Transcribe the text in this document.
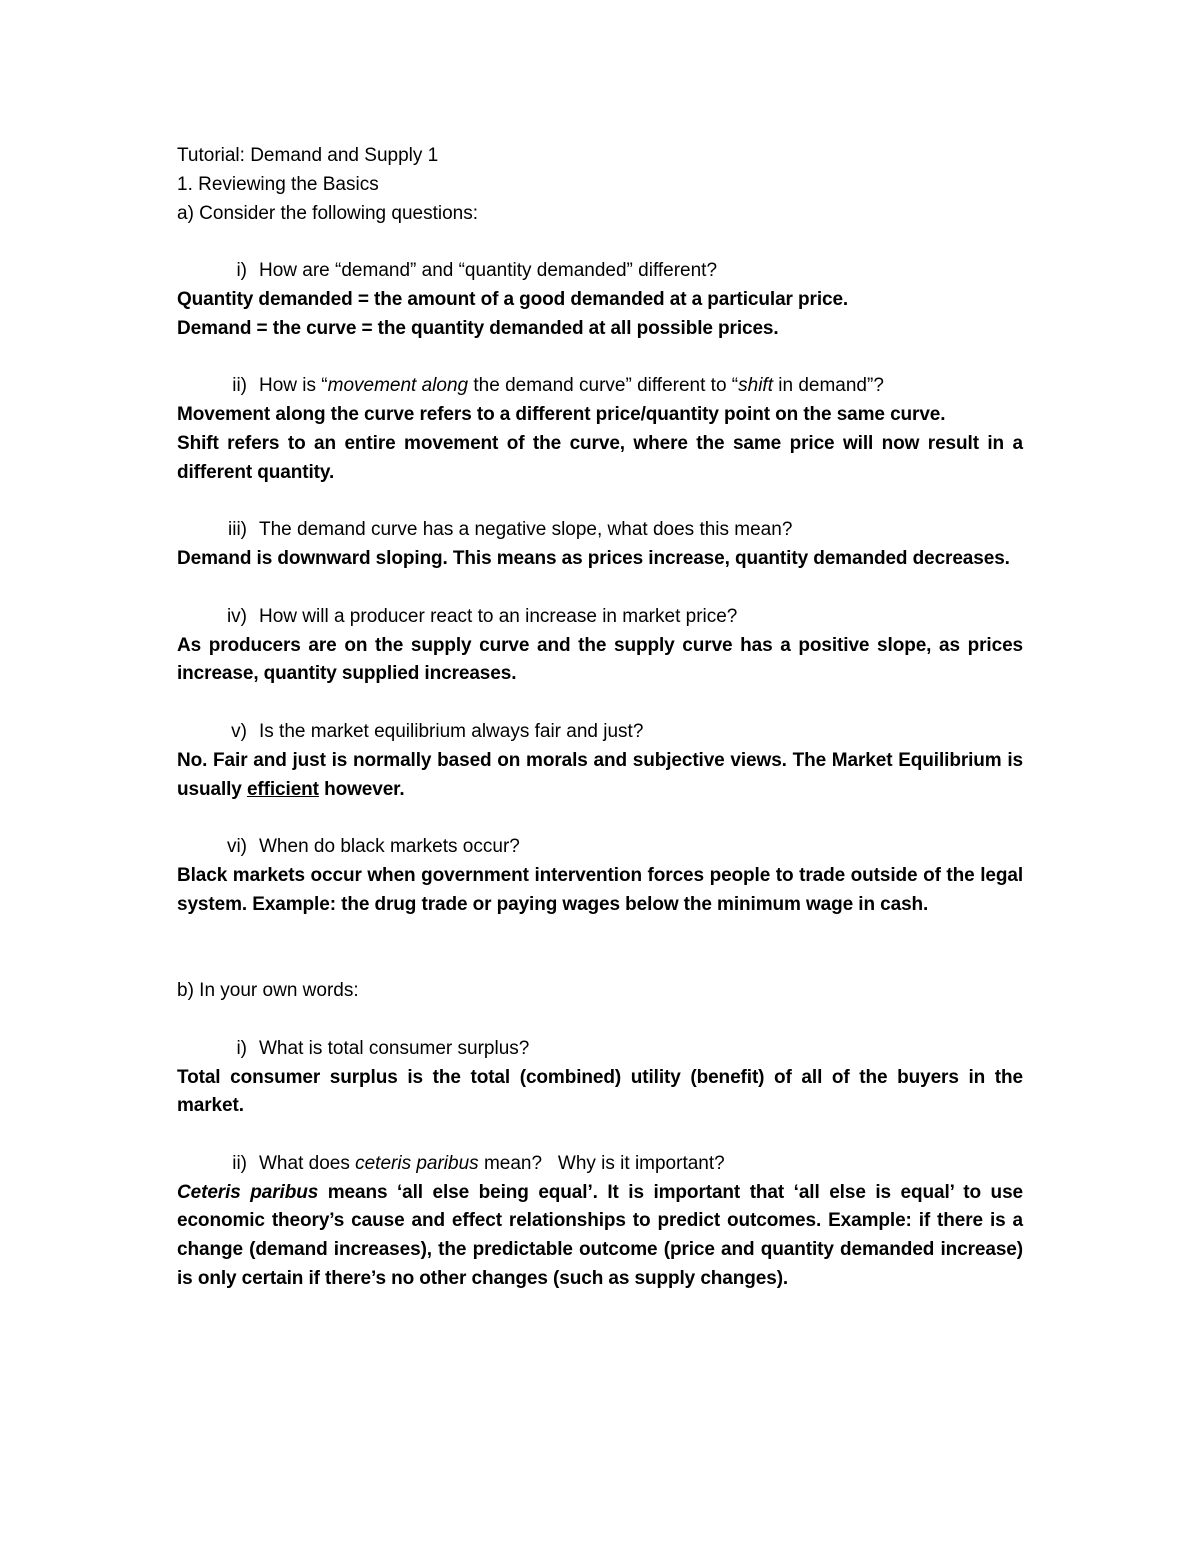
Tutorial: Demand and Supply 1

1. Reviewing the Basics

a) Consider the following questions:

i) How are “demand” and “quantity demanded” different?

Quantity demanded = the amount of a good demanded at a particular price.

Demand = the curve = the quantity demanded at all possible prices.

ii) How is “movement along the demand curve” different to “shift in demand”?

Movement along the curve refers to a different price/quantity point on the same curve.

Shift refers to an entire movement of the curve, where the same price will now result in a different quantity.

iii) The demand curve has a negative slope, what does this mean?

Demand is downward sloping. This means as prices increase, quantity demanded decreases.

iv) How will a producer react to an increase in market price?

As producers are on the supply curve and the supply curve has a positive slope, as prices increase, quantity supplied increases.

v) Is the market equilibrium always fair and just?

No. Fair and just is normally based on morals and subjective views. The Market Equilibrium is usually efficient however.

vi) When do black markets occur?

Black markets occur when government intervention forces people to trade outside of the legal system. Example: the drug trade or paying wages below the minimum wage in cash.

b) In your own words:

i) What is total consumer surplus?

Total consumer surplus is the total (combined) utility (benefit) of all of the buyers in the market.

ii) What does ceteris paribus mean?   Why is it important?

Ceteris paribus means ‘all else being equal’. It is important that ‘all else is equal’ to use economic theory’s cause and effect relationships to predict outcomes. Example: if there is a change (demand increases), the predictable outcome (price and quantity demanded increase) is only certain if there’s no other changes (such as supply changes).
